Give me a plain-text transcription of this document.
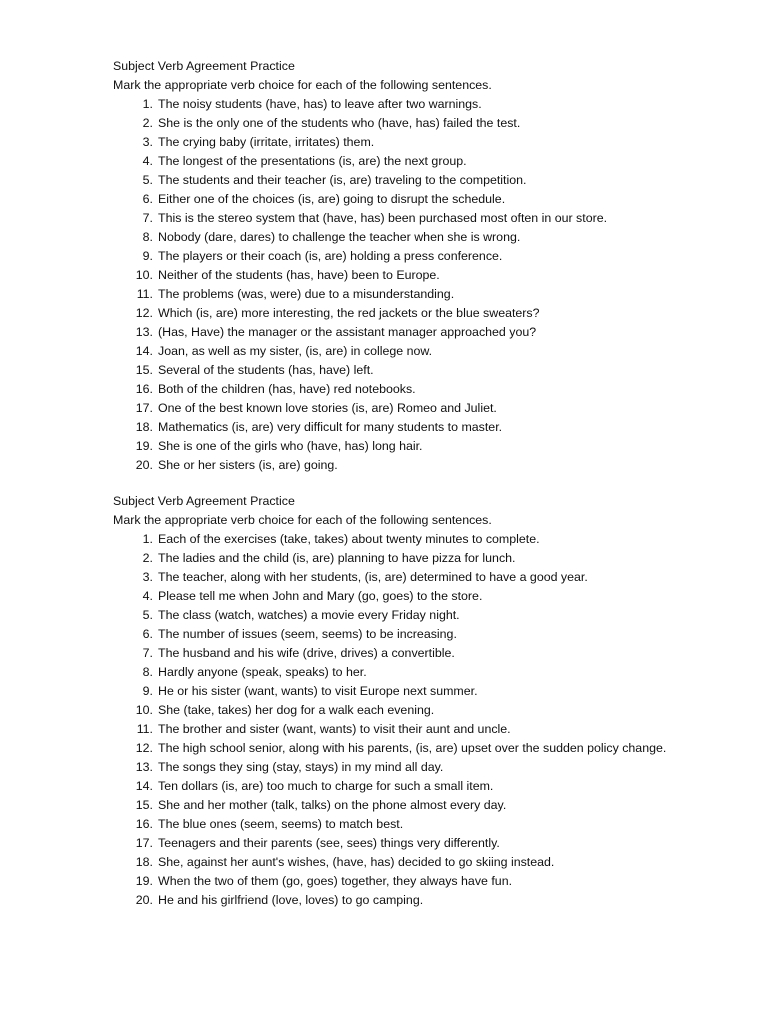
Subject Verb Agreement Practice
Mark the appropriate verb choice for each of the following sentences.
1. The noisy students (have, has) to leave after two warnings.
2. She is the only one of the students who (have, has) failed the test.
3. The crying baby (irritate, irritates) them.
4. The longest of the presentations (is, are) the next group.
5. The students and their teacher (is, are) traveling to the competition.
6. Either one of the choices (is, are) going to disrupt the schedule.
7. This is the stereo system that (have, has) been purchased most often in our store.
8. Nobody (dare, dares) to challenge the teacher when she is wrong.
9. The players or their coach (is, are) holding a press conference.
10. Neither of the students (has, have) been to Europe.
11. The problems (was, were) due to a misunderstanding.
12. Which (is, are) more interesting, the red jackets or the blue sweaters?
13. (Has, Have) the manager or the assistant manager approached you?
14. Joan, as well as my sister, (is, are) in college now.
15. Several of the students (has, have) left.
16. Both of the children (has, have) red notebooks.
17. One of the best known love stories (is, are) Romeo and Juliet.
18. Mathematics (is, are) very difficult for many students to master.
19. She is one of the girls who (have, has) long hair.
20. She or her sisters (is, are) going.
Subject Verb Agreement Practice
Mark the appropriate verb choice for each of the following sentences.
1. Each of the exercises (take, takes) about twenty minutes to complete.
2. The ladies and the child (is, are) planning to have pizza for lunch.
3. The teacher, along with her students, (is, are) determined to have a good year.
4. Please tell me when John and Mary (go, goes) to the store.
5. The class (watch, watches) a movie every Friday night.
6. The number of issues (seem, seems) to be increasing.
7. The husband and his wife (drive, drives) a convertible.
8. Hardly anyone (speak, speaks) to her.
9. He or his sister (want, wants) to visit Europe next summer.
10. She (take, takes) her dog for a walk each evening.
11. The brother and sister (want, wants) to visit their aunt and uncle.
12. The high school senior, along with his parents, (is, are) upset over the sudden policy change.
13. The songs they sing (stay, stays) in my mind all day.
14. Ten dollars (is, are) too much to charge for such a small item.
15. She and her mother (talk, talks) on the phone almost every day.
16. The blue ones (seem, seems) to match best.
17. Teenagers and their parents (see, sees) things very differently.
18. She, against her aunt's wishes, (have, has) decided to go skiing instead.
19. When the two of them (go, goes) together, they always have fun.
20. He and his girlfriend (love, loves) to go camping.
